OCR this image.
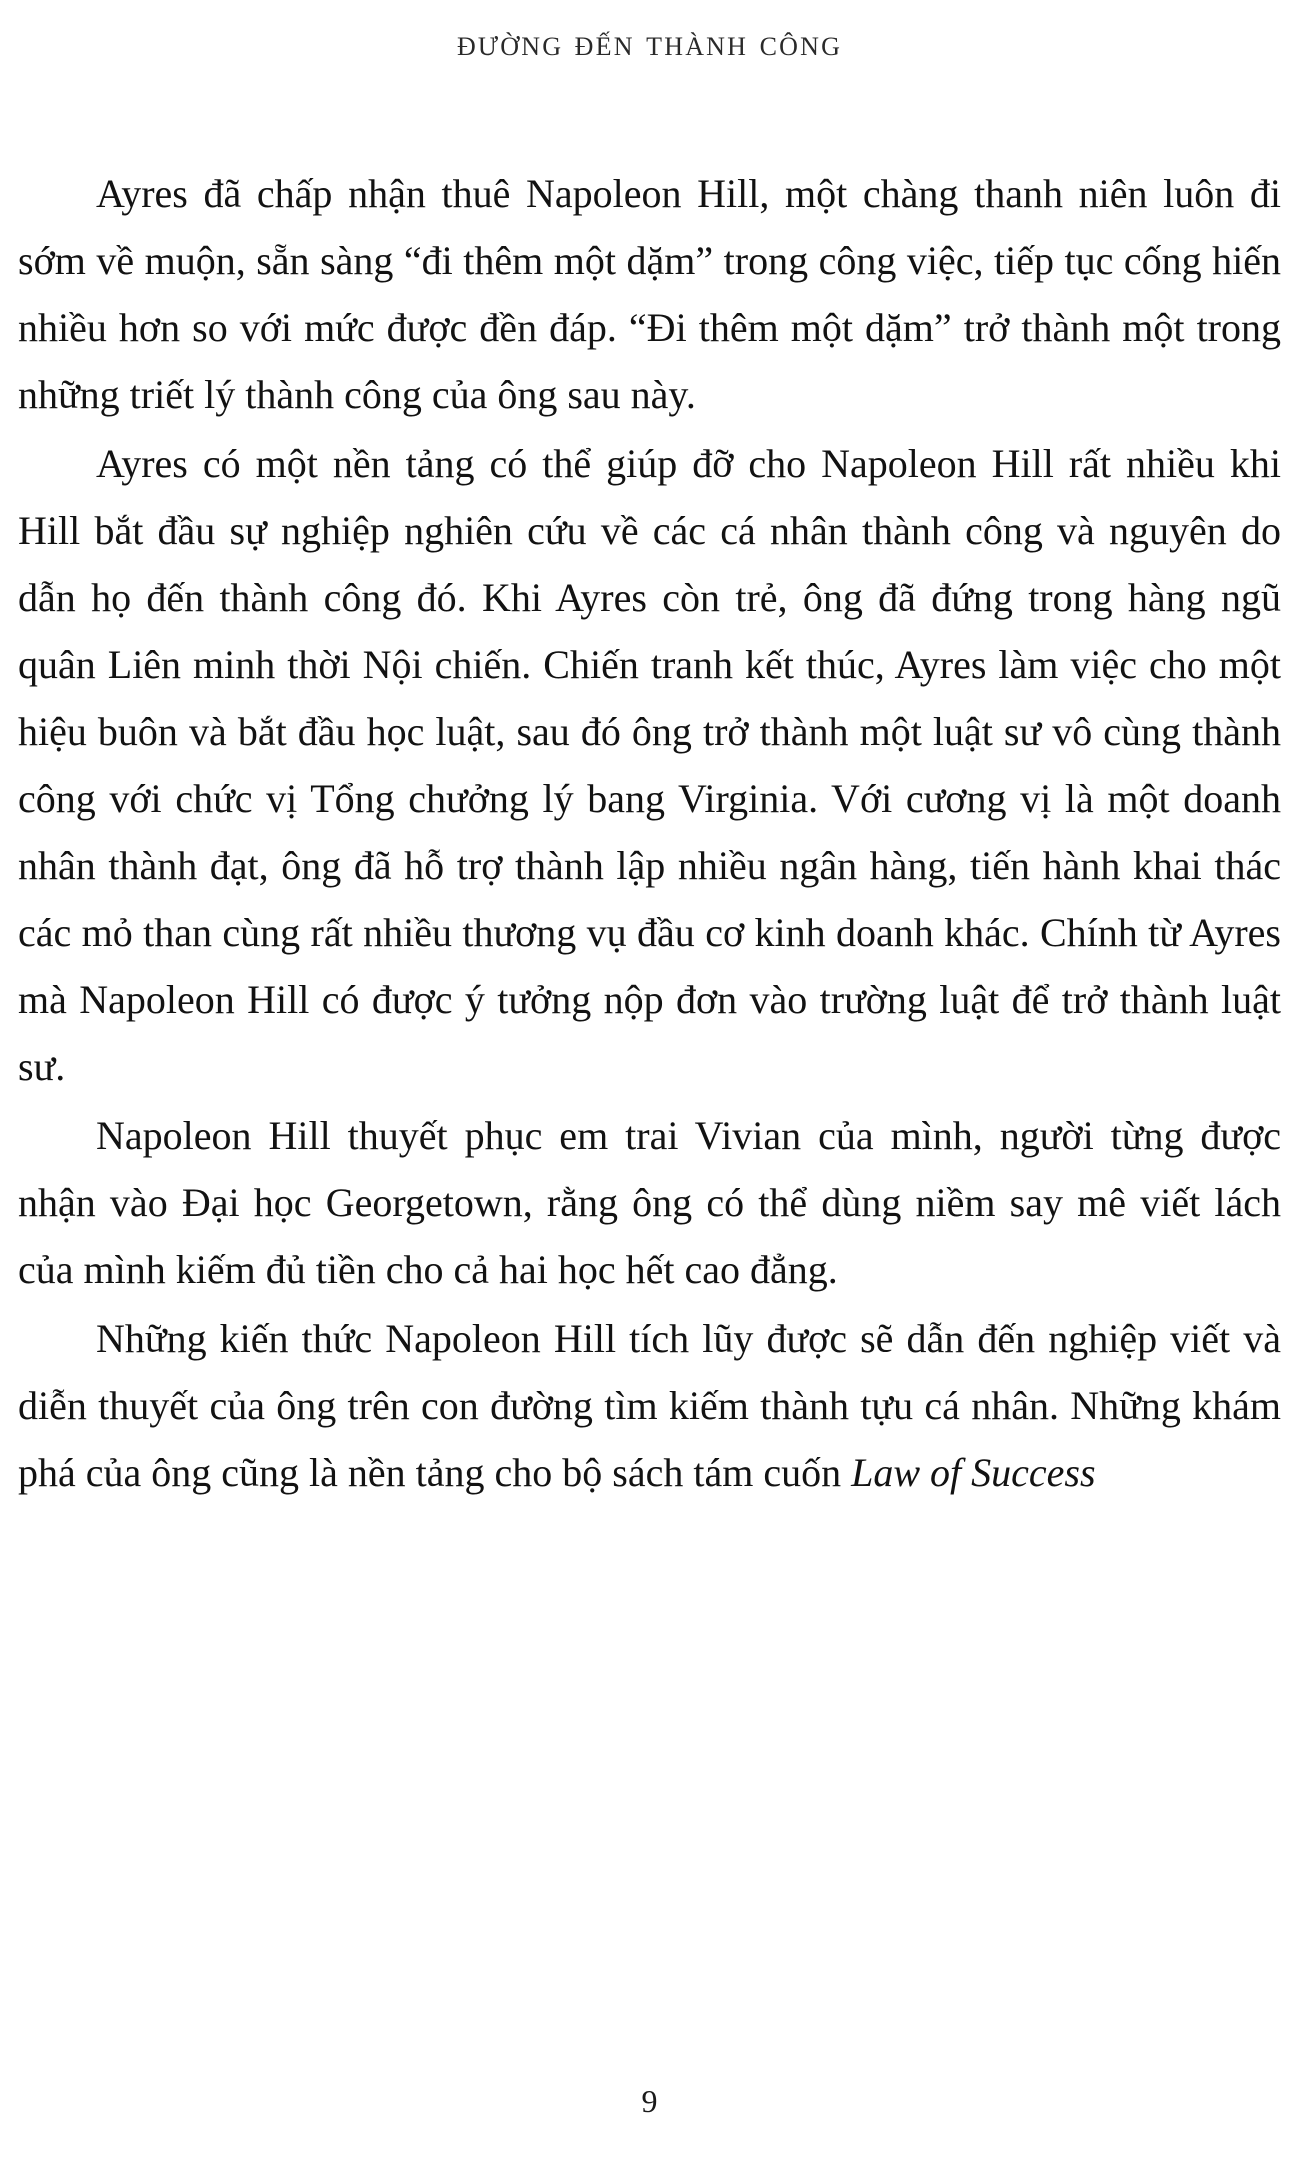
đường đến thành công

Ayres đã chấp nhận thuê Napoleon Hill, một chàng thanh niên luôn đi sớm về muộn, sẵn sàng “đi thêm một dặm” trong công việc, tiếp tục cống hiến nhiều hơn so với mức được đền đáp. “Đi thêm một dặm” trở thành một trong những triết lý thành công của ông sau này.

Ayres có một nền tảng có thể giúp đỡ cho Napoleon Hill rất nhiều khi Hill bắt đầu sự nghiệp nghiên cứu về các cá nhân thành công và nguyên do dẫn họ đến thành công đó. Khi Ayres còn trẻ, ông đã đứng trong hàng ngũ quân Liên minh thời Nội chiến. Chiến tranh kết thúc, Ayres làm việc cho một hiệu buôn và bắt đầu học luật, sau đó ông trở thành một luật sư vô cùng thành công với chức vị Tổng chưởng lý bang Virginia. Với cương vị là một doanh nhân thành đạt, ông đã hỗ trợ thành lập nhiều ngân hàng, tiến hành khai thác các mỏ than cùng rất nhiều thương vụ đầu cơ kinh doanh khác. Chính từ Ayres mà Napoleon Hill có được ý tưởng nộp đơn vào trường luật để trở thành luật sư.

Napoleon Hill thuyết phục em trai Vivian của mình, người từng được nhận vào Đại học Georgetown, rằng ông có thể dùng niềm say mê viết lách của mình kiếm đủ tiền cho cả hai học hết cao đẳng.

Những kiến thức Napoleon Hill tích lũy được sẽ dẫn đến nghiệp viết và diễn thuyết của ông trên con đường tìm kiếm thành tựu cá nhân. Những khám phá của ông cũng là nền tảng cho bộ sách tám cuốn Law of Success

9
